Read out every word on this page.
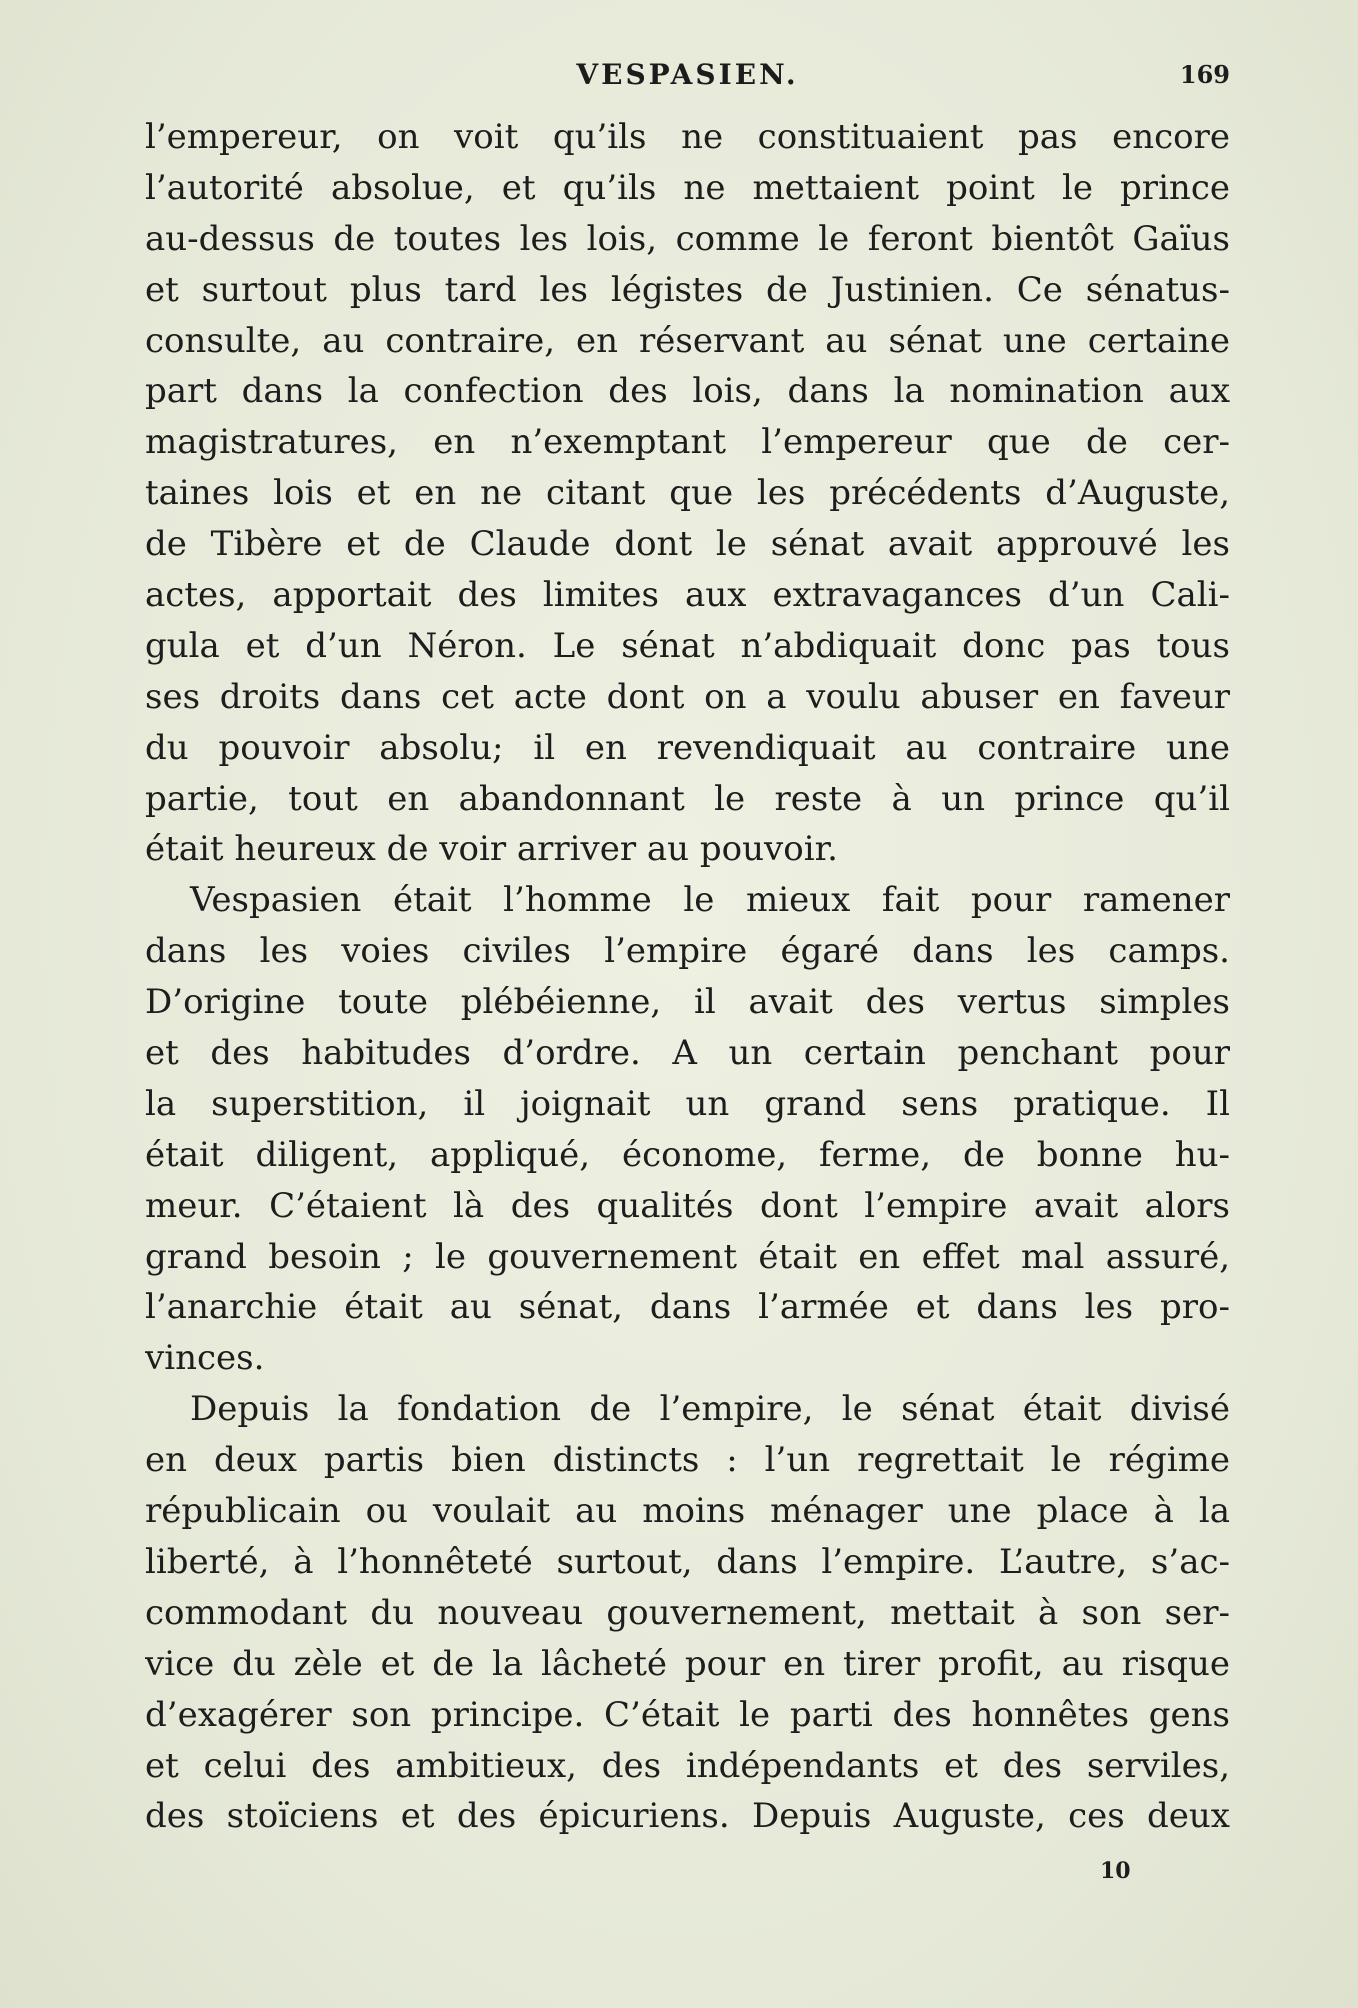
VESPASIEN.	169
l’empereur, on voit qu’ils ne constituaient pas encore
l’autorité absolue, et qu’ils ne mettaient point le prince
au-dessus de toutes les lois, comme le feront bientôt Gaïus
et surtout plus tard les légistes de Justinien. Ce sénatus-
consulte, au contraire, en réservant au sénat une certaine
part dans la confection des lois, dans la nomination aux
magistratures, en n’exemptant l’empereur que de cer-
taines lois et en ne citant que les précédents d’Auguste,
de Tibère et de Claude dont le sénat avait approuvé les
actes, apportait des limites aux extravagances d’un Cali-
gula et d’un Néron. Le sénat n’abdiquait donc pas tous
ses droits dans cet acte dont on a voulu abuser en faveur
du pouvoir absolu; il en revendiquait au contraire une
partie, tout en abandonnant le reste à un prince qu’il
était heureux de voir arriver au pouvoir.
Vespasien était l’homme le mieux fait pour ramener
dans les voies civiles l’empire égaré dans les camps.
D’origine toute plébéienne, il avait des vertus simples
et des habitudes d’ordre. A un certain penchant pour
la superstition, il joignait un grand sens pratique. Il
était diligent, appliqué, économe, ferme, de bonne hu-
meur. C’étaient là des qualités dont l’empire avait alors
grand besoin ; le gouvernement était en effet mal assuré,
l’anarchie était au sénat, dans l’armée et dans les pro-
vinces.
Depuis la fondation de l’empire, le sénat était divisé
en deux partis bien distincts : l’un regrettait le régime
républicain ou voulait au moins ménager une place à la
liberté, à l’honnêteté surtout, dans l’empire. L’autre, s’ac-
commodant du nouveau gouvernement, mettait à son ser-
vice du zèle et de la lâcheté pour en tirer profit, au risque
d’exagérer son principe. C’était le parti des honnêtes gens
et celui des ambitieux, des indépendants et des serviles,
des stoïciens et des épicuriens. Depuis Auguste, ces deux
10
